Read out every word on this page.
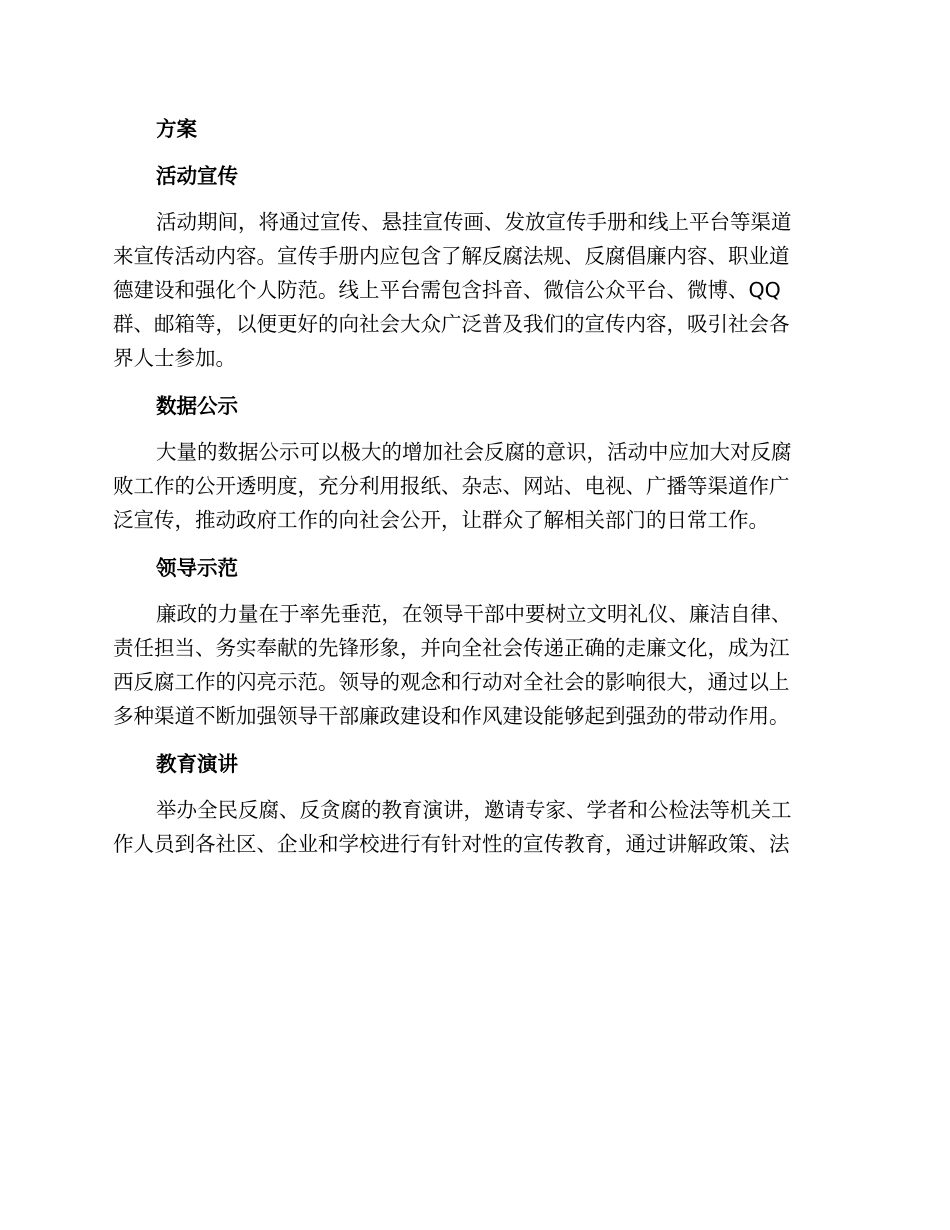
方案
活动宣传
活动期间，将通过宣传、悬挂宣传画、发放宣传手册和线上平台等渠道
来宣传活动内容。宣传手册内应包含了解反腐法规、反腐倡廉内容、职业道
德建设和强化个人防范。线上平台需包含抖音、微信公众平台、微博、QQ
群、邮箱等，以便更好的向社会大众广泛普及我们的宣传内容，吸引社会各
界人士参加。
数据公示
大量的数据公示可以极大的增加社会反腐的意识，活动中应加大对反腐
败工作的公开透明度，充分利用报纸、杂志、网站、电视、广播等渠道作广
泛宣传，推动政府工作的向社会公开，让群众了解相关部门的日常工作。
领导示范
廉政的力量在于率先垂范，在领导干部中要树立文明礼仪、廉洁自律、
责任担当、务实奉献的先锋形象，并向全社会传递正确的走廉文化，成为江
西反腐工作的闪亮示范。领导的观念和行动对全社会的影响很大，通过以上
多种渠道不断加强领导干部廉政建设和作风建设能够起到强劲的带动作用。
教育演讲
举办全民反腐、反贪腐的教育演讲，邀请专家、学者和公检法等机关工
作人员到各社区、企业和学校进行有针对性的宣传教育，通过讲解政策、法
